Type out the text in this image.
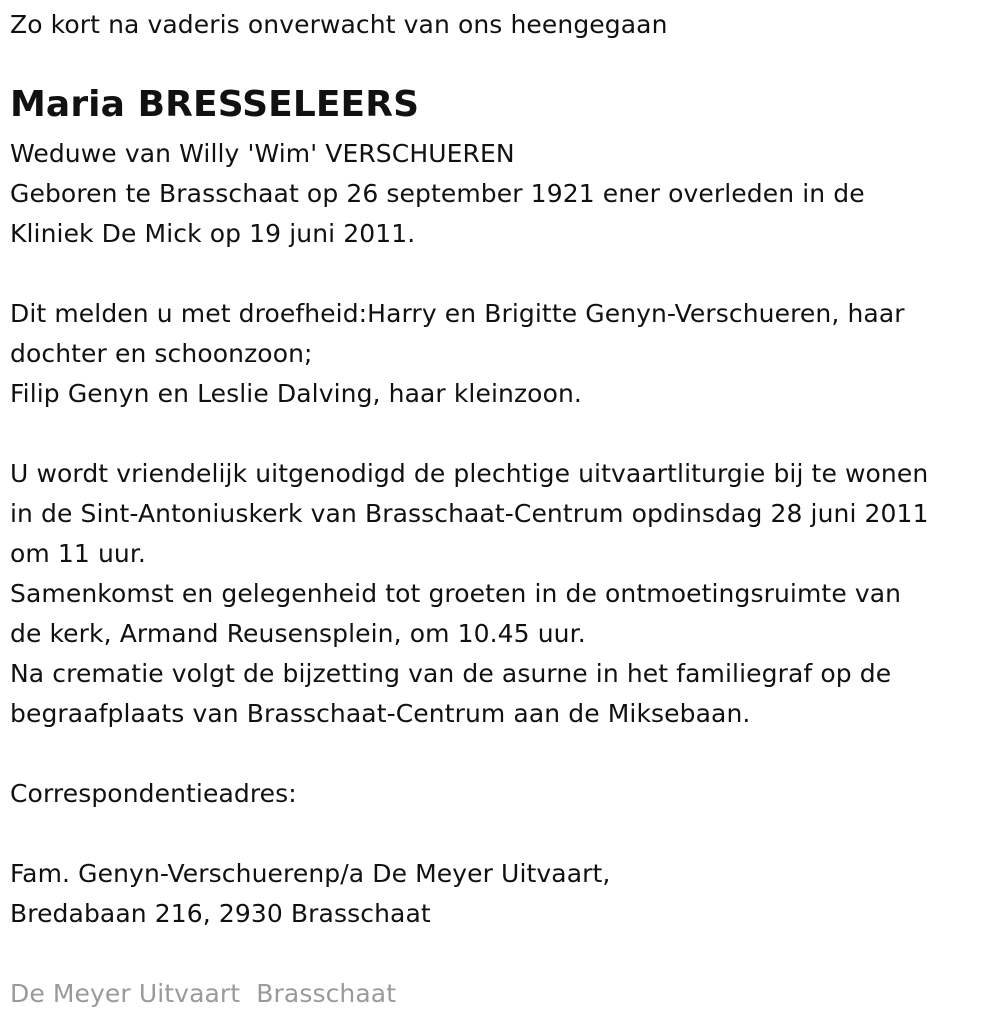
Zo kort na vaderis onverwacht van ons heengegaan
Maria BRESSELEERS
Weduwe van Willy 'Wim' VERSCHUEREN
Geboren te Brasschaat op 26 september 1921 ener overleden in de
Kliniek De Mick op 19 juni 2011.
Dit melden u met droefheid:Harry en Brigitte Genyn-Verschueren, haar
dochter en schoonzoon;
Filip Genyn en Leslie Dalving, haar kleinzoon.
U wordt vriendelijk uitgenodigd de plechtige uitvaartliturgie bij te wonen
in de Sint-Antoniuskerk van Brasschaat-Centrum opdinsdag 28 juni 2011
om 11 uur.
Samenkomst en gelegenheid tot groeten in de ontmoetingsruimte van
de kerk, Armand Reusensplein, om 10.45 uur.
Na crematie volgt de bijzetting van de asurne in het familiegraf op de
begraafplaats van Brasschaat-Centrum aan de Miksebaan.
Correspondentieadres:
Fam. Genyn-Verschuerenp/a De Meyer Uitvaart,
Bredabaan 216, 2930 Brasschaat
De Meyer Uitvaart  Brasschaat
